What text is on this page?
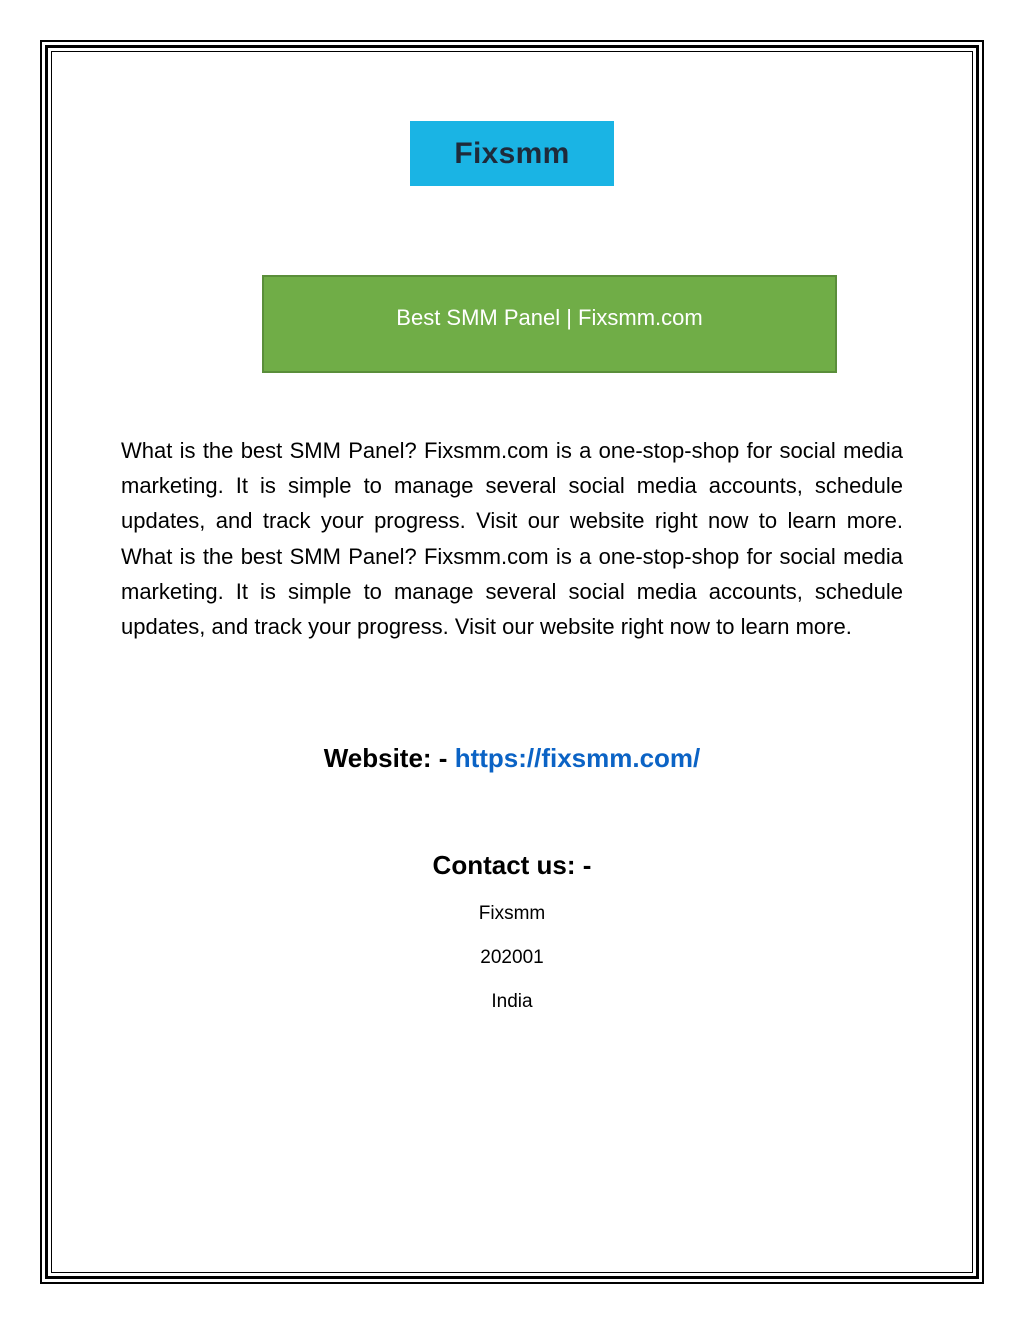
Fixsmm
Best SMM Panel | Fixsmm.com

What is the best SMM Panel? Fixsmm.com is a one-stop-shop for social media marketing. It is simple to manage several social media accounts, schedule updates, and track your progress. Visit our website right now to learn more. What is the best SMM Panel? Fixsmm.com is a one-stop-shop for social media marketing. It is simple to manage several social media accounts, schedule updates, and track your progress. Visit our website right now to learn more.

Website: - https://fixsmm.com/
Contact us: -
Fixsmm
202001
India
